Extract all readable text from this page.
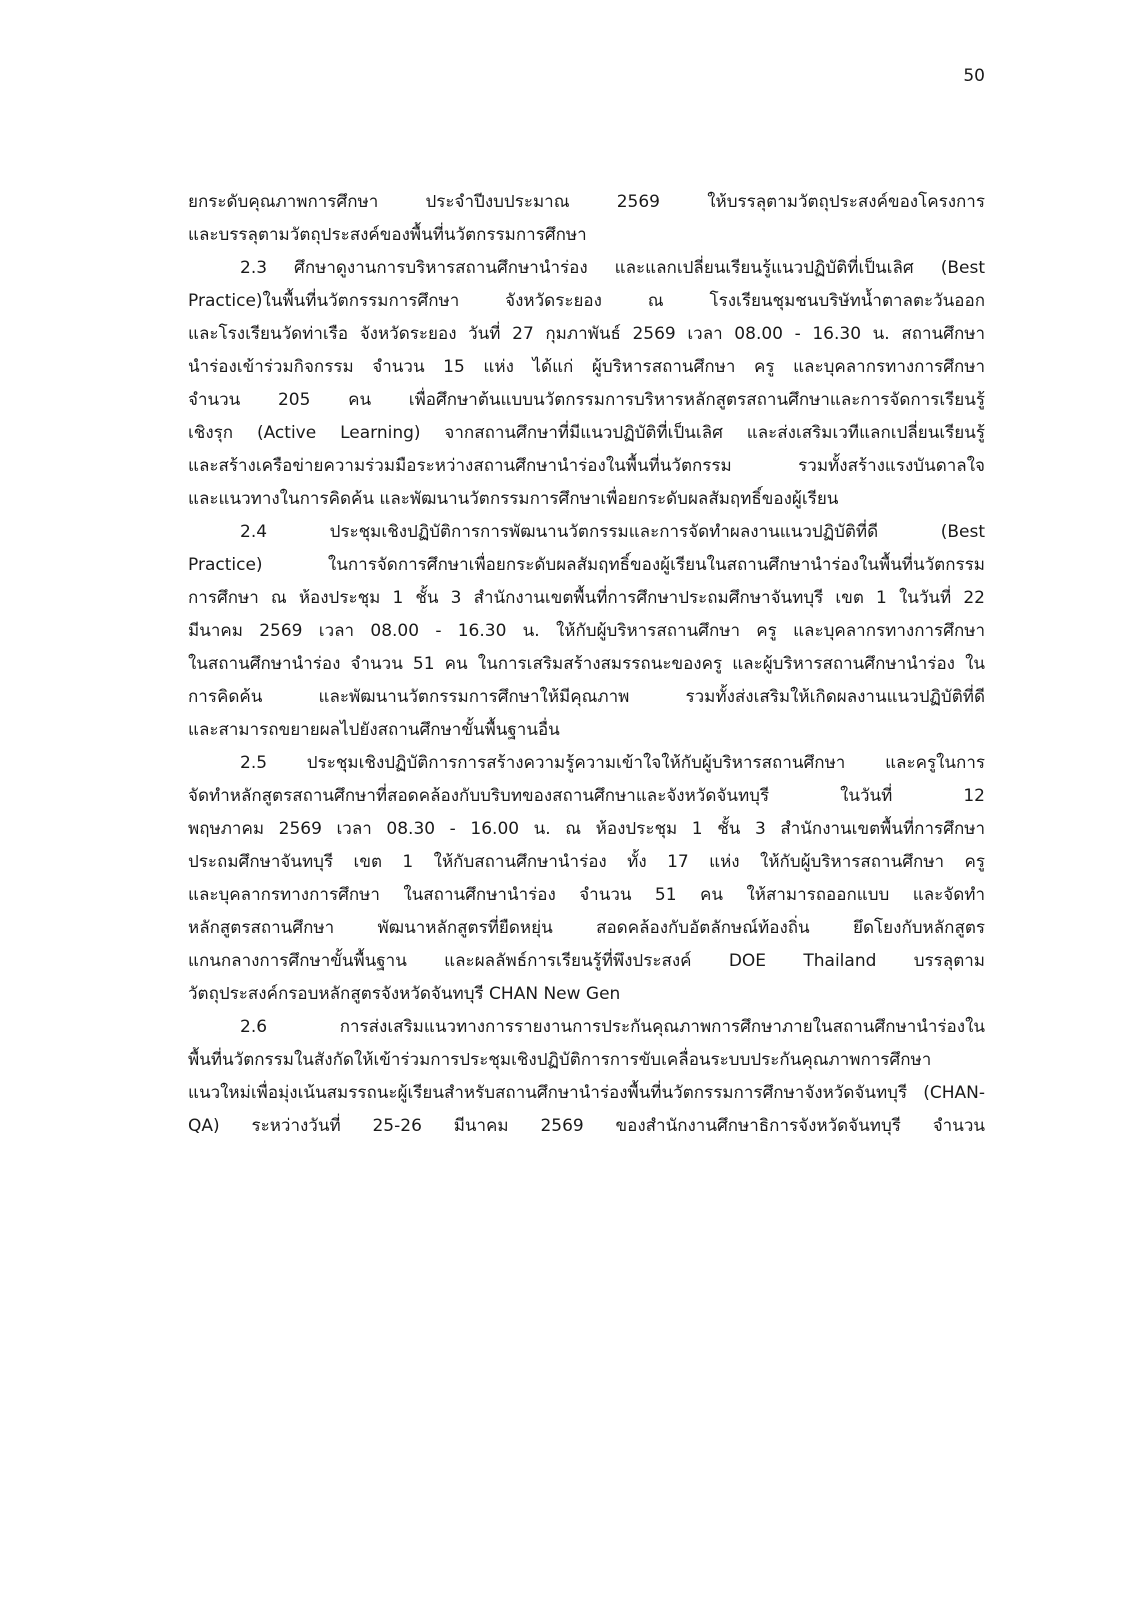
50

ยกระดับคุณภาพการศึกษา ประจำปีงบประมาณ 2569 ให้บรรลุตามวัตถุประสงค์ของโครงการ
และบรรลุตามวัตถุประสงค์ของพื้นที่นวัตกรรมการศึกษา

2.3 ศึกษาดูงานการบริหารสถานศึกษานำร่อง และแลกเปลี่ยนเรียนรู้แนวปฏิบัติที่เป็นเลิศ (Best
Practice)ในพื้นที่นวัตกรรมการศึกษา จังหวัดระยอง ณ โรงเรียนชุมชนบริษัทน้ำตาลตะวันออก
และโรงเรียนวัดท่าเรือ จังหวัดระยอง วันที่ 27 กุมภาพันธ์ 2569 เวลา 08.00 - 16.30 น. สถานศึกษา
นำร่องเข้าร่วมกิจกรรม จำนวน 15 แห่ง ได้แก่ ผู้บริหารสถานศึกษา ครู และบุคลากรทางการศึกษา
จำนวน 205 คน เพื่อศึกษาต้นแบบนวัตกรรมการบริหารหลักสูตรสถานศึกษาและการจัดการเรียนรู้
เชิงรุก (Active Learning) จากสถานศึกษาที่มีแนวปฏิบัติที่เป็นเลิศ และส่งเสริมเวทีแลกเปลี่ยนเรียนรู้
และสร้างเครือข่ายความร่วมมือระหว่างสถานศึกษานำร่องในพื้นที่นวัตกรรม รวมทั้งสร้างแรงบันดาลใจ
และแนวทางในการคิดค้น และพัฒนานวัตกรรมการศึกษาเพื่อยกระดับผลสัมฤทธิ์ของผู้เรียน

2.4 ประชุมเชิงปฏิบัติการการพัฒนานวัตกรรมและการจัดทำผลงานแนวปฏิบัติที่ดี (Best
Practice) ในการจัดการศึกษาเพื่อยกระดับผลสัมฤทธิ์ของผู้เรียนในสถานศึกษานำร่องในพื้นที่นวัตกรรม
การศึกษา ณ ห้องประชุม 1 ชั้น 3 สำนักงานเขตพื้นที่การศึกษาประถมศึกษาจันทบุรี เขต 1 ในวันที่ 22
มีนาคม 2569 เวลา 08.00 - 16.30 น. ให้กับผู้บริหารสถานศึกษา ครู และบุคลากรทางการศึกษา
ในสถานศึกษานำร่อง จำนวน 51 คน ในการเสริมสร้างสมรรถนะของครู และผู้บริหารสถานศึกษานำร่อง ใน
การคิดค้น และพัฒนานวัตกรรมการศึกษาให้มีคุณภาพ รวมทั้งส่งเสริมให้เกิดผลงานแนวปฏิบัติที่ดี
และสามารถขยายผลไปยังสถานศึกษาขั้นพื้นฐานอื่น

2.5 ประชุมเชิงปฏิบัติการการสร้างความรู้ความเข้าใจให้กับผู้บริหารสถานศึกษา และครูในการ
จัดทำหลักสูตรสถานศึกษาที่สอดคล้องกับบริบทของสถานศึกษาและจังหวัดจันทบุรี ในวันที่ 12
พฤษภาคม 2569 เวลา 08.30 - 16.00 น. ณ ห้องประชุม 1 ชั้น 3 สำนักงานเขตพื้นที่การศึกษา
ประถมศึกษาจันทบุรี เขต 1 ให้กับสถานศึกษานำร่อง ทั้ง 17 แห่ง ให้กับผู้บริหารสถานศึกษา ครู
และบุคลากรทางการศึกษา ในสถานศึกษานำร่อง จำนวน 51 คน ให้สามารถออกแบบ และจัดทำ
หลักสูตรสถานศึกษา พัฒนาหลักสูตรที่ยืดหยุ่น สอดคล้องกับอัตลักษณ์ท้องถิ่น ยึดโยงกับหลักสูตร
แกนกลางการศึกษาขั้นพื้นฐาน และผลลัพธ์การเรียนรู้ที่พึงประสงค์ DOE Thailand บรรลุตาม
วัตถุประสงค์กรอบหลักสูตรจังหวัดจันทบุรี CHAN New Gen

2.6 การส่งเสริมแนวทางการรายงานการประกันคุณภาพการศึกษาภายในสถานศึกษานำร่องใน
พื้นที่นวัตกรรมในสังกัดให้เข้าร่วมการประชุมเชิงปฏิบัติการการขับเคลื่อนระบบประกันคุณภาพการศึกษา
แนวใหม่เพื่อมุ่งเน้นสมรรถนะผู้เรียนสำหรับสถานศึกษานำร่องพื้นที่นวัตกรรมการศึกษาจังหวัดจันทบุรี (CHAN-
QA) ระหว่างวันที่ 25-26 มีนาคม 2569 ของสำนักงานศึกษาธิการจังหวัดจันทบุรี จำนวน
